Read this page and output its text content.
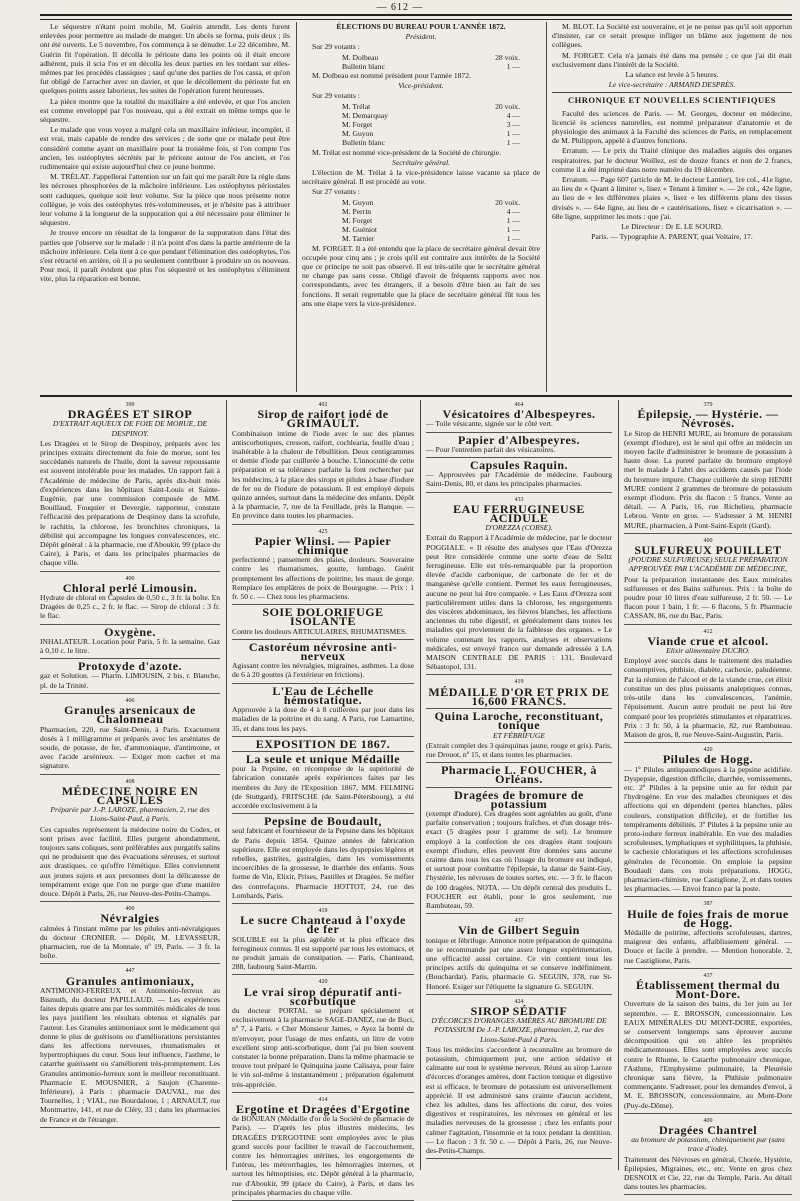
— 612 —

Le séquestre n'étant point mobile, M. Guérin attendit. Les dents furent enlevées pour permettre au malade de manger. Un abcès se forma, puis deux ; ils ont été ouverts. Le 5 novembre, l'os commença à se dénuder. Le 22 décembre, M. Guérin fit l'opération. Il décolla le périoste dans les points où il était encore adhérent, puis il scia l'os et en décolla les deux parties en les tordant sur elles-mêmes par les procédés classiques ; sauf qu'une des parties de l'os cassa, et qu'on fut obligé de l'arracher avec un davier, et que le décollement du périoste fut en quelques points assez laborieux, les suites de l'opération furent heureuses.

La pièce montre que la totalité du maxillaire a été enlevée, et que l'os ancien est comme enveloppé par l'os nouveau, qui a été extrait en même temps que le séquestre.

Le malade que vous voyez a malgré cela un maxillaire inférieur, incomplet, il est vrai, mais capable de rendre des services ; de sorte que ce malade peut être considéré comme ayant un maxillaire pour la troisième fois, si l'on compte l'os ancien, les ostéophytes sécrétés par le périoste autour de l'os ancien, et l'os rudimentaire qui existe aujourd'hui chez ce jeune homme.

M. TRÉLAT. J'appellerai l'attention sur un fait qui me paraît être la règle dans les nécroses phosphorées de la mâchoire inférieure. Les ostéophytes périostales sont caduques, quelque soit leur volume. Sur la pièce que nous présente notre collègue, je vois des ostéophytes très-volumineuses, et je n'hésite pas à attribuer leur volume à la longueur de la suppuration qui a été nécessaire pour éliminer le séquestre.

Je trouve encore un résultat de la longueur de la suppuration dans l'état des parties que j'observe sur le malade : il n'a point d'os dans la partie antérieure de la mâchoire inférieure. Cela tient à ce que pendant l'élimination des ostéophytes, l'os s'est rétracté en arrière, où il a pu seulement contribuer à produire un os nouveau. Pour moi, il paraît évident que plus l'os séquestré et les ostéophytes s'éliminent vite, plus la réparation est bonne.

ÉLECTIONS DU BUREAU POUR L'ANNÉE 1872.

Président.

Sur 29 votants :

M. Dolbeau	28 voix.
Bulletin blanc	1 —

M. Dolbeau est nommé président pour l'année 1872.

Vice-président.

Sur 29 votants :

M. Trélat	20 voix.
M. Demarquay	4 —
M. Forget	3 —
M. Guyon	1 —
Bulletin blanc	1 —

M. Trélat est nommé vice-président de la Société de chirurgie.

Secrétaire général.

L'élection de M. Trélat à la vice-présidence laisse vacante sa place de secrétaire général. Il est procédé au vote.

Sur 27 votants :

M. Guyon	20 voix.
M. Perrin	4 —
M. Forget	1 —
M. Guéniot	1 —
M. Tarnier	1 —

M. FORGET. Il a été entendu que la place de secrétaire général devait être occupée pour cinq ans ; je crois qu'il est contraire aux intérêts de la Société que ce principe ne soit pas observé. Il est très-utile que le secrétaire général ne change pas sans cesse. Obligé d'avoir de fréquents rapports avec nos correspondants, avec les étrangers, il a besoin d'être bien au fait de ses fonctions. Il serait regrettable que la place de secrétaire général fût tous les ans une étape vers la vice-présidence.

M. BLOT. La Société est souveraine, et je ne pense pas qu'il soit opportun d'insister, car ce serait presque infliger un blâme aux jugement de nos collègues.

M. FORGET. Cela n'a jamais été dans ma pensée ; ce que j'ai dit était exclusivement dans l'intérêt de la Société.

La séance est levée à 5 heures.

Le vice-secrétaire : ARMAND DESPRÈS.

CHRONIQUE ET NOUVELLES SCIENTIFIQUES

Faculté des sciences de Paris. — M. Georges, docteur en médecine, licencié ès sciences naturelles, est nommé préparateur d'anatomie et de physiologie des animaux à la Faculté des sciences de Paris, en remplacement de M. Philippon, appelé à d'autres fonctions.

Erratum. — Le prix du Traité clinique des maladies aiguës des organes respiratoires, par le docteur Woillez, est de douze francs et non de 2 francs, comme il a été imprimé dans notre numéro du 19 décembre.

Erratum. — Page 607 (article de M. le docteur Lantier), 1re col., 41e ligne, au lieu de « Quant à limiter », lisez « Tenant à limiter ». — 2e col., 42e ligne, au lieu de « les différentes plaies », lisez « les différents plans des tissus divisés ». — 64e ligne, au lieu de « cautérisations, lisez « cicatrisation ». — 68e ligne, supprimer les mots : que j'ai.

Le Directeur : Dr E. LE SOURD.

Paris. — Typographie A. PARENT, quai Voltaire, 17.

399
DRAGÉES ET SIROP

D'EXTRAIT AQUEUX DE FOIE DE MORUE, DE DESPINOY.

Les Dragées et le Sirop de Despinoy, préparés avec les principes extraits directement du foie de morue, sont les succédanés naturels de l'huile, dont la saveur repoussante est souvent intolérable pour les malades. Un rapport fait à l'Académie de médecine de Paris, après dix-huit mois d'expériences dans les hôpitaux Saint-Louis et Sainte-Eugénie, par une commission composée de MM. Bouillaud, Fouquier et Devergie, rapporteur, constate l'efficacité des préparations de Despinoy dans la scrofule, le rachitis, la chlorose, les bronchites chroniques, la débilité qui accompagne les longues convalescences, etc. Dépôt général : à la pharmacie, rue d'Aboukir, 99 (place du Caire), à Paris, et dans les principales pharmacies de chaque ville.

400
Chloral perlé Limousin.

Hydrate de chloral en Capsules de 0,50 c., 3 fr. la boîte. En Dragées de 0,25 c., 2 fr. le flac. — Sirop de chloral : 3 fr. le flac.

Oxygène.

INHALATEUR. Location pour Paris, 5 fr. la semaine. Gaz à 0,10 c. le litre.

Protoxyde d'azote.

gaz et Solution. — Pharm. LIMOUSIN, 2 bis, r. Blanche, pl. de la Trinité.

406
Granules arsenicaux de Chalonneau

Pharmacien, 220, rue Saint-Denis, à Paris. Exactement dosés à 1 milligramme et préparés avec les arséniates de soude, de potasse, de fer, d'ammoniaque, d'antimoine, et avec l'acide arsénieux. — Exiger mon cachet et ma signature.

408
MÉDECINE NOIRE EN CAPSULES

Préparée par J.-P. LAROZE, pharmacien, 2, rue des Lions-Saint-Paul, à Paris.

Ces capsules représentent la médecine noire du Codex, et sont prises avec facilité. Elles purgent abondamment, toujours sans coliques, sont préférables aux purgatifs salins qui ne produisent que des évacuations séreuses, et surtout aux drastiques, ce qu'offre l'émétique. Elles conviennent aux jeunes sujets et aux personnes dont la délicatesse de tempérament exige que l'on ne purge que d'une manière douce. Dépôt à Paris, 26, rue Neuve-des-Petits-Champs.

400
Névralgies

calmées à l'instant même par les pilules anti-névralgiques du docteur CRONIER. — Dépôt, M. LEVASSEUR, pharmacien, rue de la Monnaie, nº 19, Paris. — 3 fr. la boîte.

447
Granules antimoniaux,

ANTIMONIO-FERREUX et Antimonio-ferreux au Bismuth, du docteur PAPILLAUD. — Les expériences faites depuis quatre ans par les sommités médicales de tous les pays justifient les résultats obtenus et signalés par l'auteur. Les Granules antimoniaux sont le médicament qui donne le plus de guérisons ou d'améliorations persistantes dans les affections nerveuses, rhumatismales et hypertrophiques du cœur. Sous leur influence, l'asthme, le catarrhe guérissent ou s'améliorent très-promptement. Les Granules antimonio-ferreux sont le meilleur reconstituant. Pharmacie E. MOUSNIER, à Saujon (Charente-Inférieure), à Paris : pharmacie DAUVAL, rue des Tournelles, 1 ; VIAL, rue Bourdaloue, 1 ; ARNAULT, rue Montmartre, 141, et rue de Cléry, 33 ; dans les pharmacies de France et de l'étranger.

402
Sirop de raifort iodé de GRIMAULT.

Combinaison intime de l'iode avec le suc des plantes antiscorbutiques, cresson, raifort, cochlearia, feuille d'eau ; inaltérable à la chaleur de l'ébullition. Deux centigrammes et demie d'iode par cuillerée à bouche. L'innocuité de cette préparation et sa tolérance parfaite la font rechercher par les médecins, à la place des sirops et pilules à base d'iodure de fer ou de l'iodure de potassium. Il est employé depuis quinze années, surtout dans la médecine des enfants. Dépôt à la pharmacie, 7, rue de la Feuillade, près la Banque. — En province dans toutes les pharmacies.

425
Papier Wlinsi. — Papier chimique

perfectionné ; pansement des plaies, douleurs. Souveraine contre les rhumatismes, goutte, lumbago. Guérit promptement les affections de poitrine, les maux de gorge. Remplace les emplâtres de poix de Bourgogne. — Prix : 1 fr. 50 c. — Chez tous les pharmaciens.

SOIE DOLORIFUGE ISOLANTE

Contre les douleurs ARTICULAIRES, RHUMATISMES.

Castoréum névrosine anti-nerveux

Agissant contre les névralgies, migraines, asthmes. La dose de 6 à 20 gouttes (à l'extérieur en frictions).

L'Eau de Léchelle hémostatique.

Approuvée à la dose de 4 à 8 cuillerées par jour dans les maladies de la poitrine et du sang. A Paris, rue Lamartine, 35, et dans tous les pays.

EXPOSITION DE 1867.
La seule et unique Médaille

pour la Pepsine, en récompense de la supériorité de fabrication constatée après expériences faites par les membres du Jury de l'Exposition 1867, MM. FELMING (de Stuttgard), FRITSCHE (de Saint-Pétersbourg), a été accordée exclusivement à la

Pepsine de Boudault,

seul fabricant et fournisseur de la Pepsine dans les hôpitaux de Paris depuis 1854. Quinze années de fabrication supérieure. Elle est employée dans les dyspepsies légères et rebelles, gastrites, gastralgies, dans les vomissements incoercibles de la grossesse, le diarrhée des enfants. Sous forme de Vin, Elixir, Prises, Pastilles et Dragées. Se méfier des contrefaçons. Pharmacie HOTTOT, 24, rue des Lombards, Paris.

419
Le sucre Chanteaud à l'oxyde de fer

SOLUBLE est la plus agréable et la plus efficace des ferrugineux connus. Il est supporté par tous les estomacs, et ne produit jamais de constipation. — Paris, Chanteaud, 288, faubourg Saint-Martin.

420
Le vrai sirop dépuratif anti-scorbutique

du docteur PORTAL se prépare spécialement et exclusivement à la pharmacie SAGE-DANEZ, rue de Buci, nº 7, à Paris. « Cher Monsieur James, » Ayez la bonté de m'envoyer, pour l'usage de mes enfants, un litre de votre excellent sirop anti-scorbutique, dont j'ai pu bien souvent constater la bonne préparation. Dans la même pharmacie se trouve tout préparé le Quinquina jaune Calisaya, pour faire le vin sol-même à instantanément ; préparation également très-appréciée.

414
Ergotine et Dragées d'Ergotine

de BONJEAN (Médaille d'or de la Société de pharmacie de Paris). — D'après les plus illustres médecins, les DRAGÉES D'ERGOTINE sont employées avec le plus grand succès pour faciliter le travail de l'accouchement, contre les hémorragies utérines, les engorgements de l'utérus, les métrorrhagies, les hémorragies internes, et surtout les hémoptisies, etc. Dépôt général à la pharmacie, rue d'Aboukir, 99 (place du Caire), à Paris, et dans les principales pharmacies du chaque ville.

464
Vésicatoires d'Albespeyres.

— Toile vésicante, signée sur le côté vert.

Papier d'Albespeyres.

— Pour l'entretien parfait des vésicatoires.

Capsules Raquin.

— Approuvées par l'Académie de médecine. Faubourg Saint-Denis, 80, et dans les principales pharmacies.

433
EAU FERRUGINEUSE ACIDULE

D'OREZZA (CORSE).

Extrait du Rapport à l'Académie de médecine, par le docteur POGGIALE. « Il résulte des analyses que l'Eau d'Orezza peut être considérée comme une sorte d'eau de Seltz ferrugineuse. Elle est très-remarquable par la proportion élevée d'acide carbonique, de carbonate de fer et de manganèse qu'elle contient. Permet les eaux ferrugineuses, aucune ne peut lui être comparée. « Les Eaux d'Orezza sont particulièrement utiles dans la chlorose, les engorgements des viscères abdominaux, les fièvres blanches, les affections anciennes du tube digestif, et généralement dans toutes les maladies qui proviennent de la faiblesse des organes. » Le volume contenant les rapports, analyses et observations médicales, est envoyé franco sur demande adressée à LA MAISON CENTRALE DE PARIS : 131, Boulevard Sébastopol, 131.

419
MÉDAILLE D'OR ET PRIX DE 16,600 FRANCS.
Quina Laroche, reconstituant, tonique

ET FÉBRIFUGE

(Extrait complet des 3 quinquinas jaune, rouge et gris). Paris, rue Drouot, nº 15, et dans toutes les pharmacies.

Pharmacie L. FOUCHER, à Orléans.
Dragées de bromure de potassium

(exempt d'iodure). Ces dragées sont agréables au goût, d'une parfaite conservation ; toujours fraîches, et d'un dosage très-exact (5 dragées pour 1 gramme de sel). Le bromure employé à la confection de ces dragées étant toujours exempt d'iodure, elles peuvent être données sans aucune crainte dans tous les cas où l'usage du bromure est indiqué, et surtout pour combattre l'épilepsie, la danse de Saint-Guy, l'hystérie, les névroses de toutes sortes, etc. — 3 fr. le flacon de 100 dragées. NOTA. — Un dépôt central des produits L. FOUCHER est établi, pour le gros seulement, rue Rambuteau, 59.

437
Vin de Gilbert Seguin

tonique et fébrifuge. Annonce notre préparation de quinquina ne se recommande par une assez longue expérimentation, une efficacité aussi certaine. Ce vin contient tous les principes actifs du quinquina et se conserve indéfiniment. (Bouchardat). Paris, pharmacie G. SEGUIN, 378, rue St-Honoré. Exiger sur l'étiquette la signature G. SEGUIN.

424
SIROP SÉDATIF

D'ÉCORCES D'ORANGES AMÈRES AU BROMURE DE POTASSIUM De J.-P. LAROZE, pharmacien, 2, rue des Lions-Saint-Paul à Paris.

Tous les médecins s'accordent à reconnaître au bromure de potassium, chimiquement pur, une action sédative et calmante sur tout le système nerveux. Réuni au sirop Laroze d'écorces d'oranges amères, dont l'action tonique et digestive est si efficace, le bromure de potassium est universellement apprécié. Il est administré sans crainte d'aucun accident, chez les adultes, dans les affections du cœur, des voies digestives et respiratoires, les névroses en général et les maladies nerveuses de la grossesse ; chez les enfants pour calmer l'agitation, l'insomnie et la toux pendant la dentition. — Le flacon : 3 fr. 50 c. — Dépôt à Paris, 26, rue Neuve-des-Petits-Champs.

379
Épilepsie. — Hystérie. — Névroses.

Le Sirop de HENRI MURE, au bromure de potassium (exempt d'iodure), est le seul qui offre au médecin un moyen facile d'administrer le bromure de potassium à haute dose. La pureté parfaite du bromure employé met le malade à l'abri des accidents causés par l'iode du bromure impure. Chaque cuillerée de sirop HENRI MURE contient 2 grammes de bromure de potassium exempt d'iodure. Prix du flacon : 5 francs. Vente au détail. — A Paris, 16, rue Richelieu, pharmacie Lebrou. Vente en gros. — S'adresser à M. HENRI MURE, pharmacien, à Pont-Saint-Esprit (Gard).

400
SULFUREUX POUILLET

(POUDRE SULFUREUSE) SEULE PRÉPARATION APPROUVÉE PAR L'ACADÉMIE DE MÉDECINE,

Pour la préparation instantanée des Eaux minérales sulfureuses et des Bains sulfureux. Prix : la boîte de poudre pour 10 litres d'eau sulfureuse, 2 fr. 50. — Le flacon pour 1 bain, 1 fr. — 6 flacons, 5 fr. Pharmacie CASSAN, 86, rue du Bac, Paris.

412
Viande crue et alcool.

Elixir alimentaire DUCRO.

Employé avec succès dans le traitement des maladies consomptives, phthisie, diabète, cachexie, paludéenne. Par la réunion de l'alcool et de la viande crue, cet élixir constitue un des plus puissants analeptiques connus, très-utile dans les convalescences, l'anémie, l'épuisement. Aucun autre produit ne peut lui être comparé pour les propriétés stimulantes et réparatrices. Prix : 3 fr. 50, à la pharmacie, 82, rue Rambuteau. Maison de gros, 8, rue Neuve-Saint-Augustin, Paris.

420
Pilules de Hogg.

— 1º Pilules antispasmodiques à la pepsine acidifiée. Dyspepsie, digestion difficile, diarrhée, vomissements, etc. 2º Pilules à la pepsine unie au fer réduit par l'hydrogène. En vue des maladies chroniques et des affections qui en dépendent (pertes blanches, pâles couleurs, constipation difficile), et de fortifier les tempéraments débilités. 3º Pilules à la pepsine unie au proto-iodure ferreux inaltérable. En vue des maladies scrofuleuses, lymphatiques et syphilitiques, la phthisie, le cachexie chloratiques et les affections scrofuleuses générales de l'économie. On emploie la pepsine Boudault dans ces trois préparations. HOGG, pharmacien-chimiste, rue Castiglione, 2, et dans toutes les pharmacies. — Envoi franco par la poste.

387
Huile de foies frais de morue de Hogg.

Médaille de poitrine, affections scrofuleuses, dartres, maigreur des enfants, affaiblissement général. — Douce et facile à prendre. — Mention honorable. 2, rue Castiglione, Paris.

437
Établissement thermal du Mont-Dore.

Ouverture de la saison des bains, du 1er juin au 1er septembre. — E. BROSSON, concessionnaire. Les EAUX MINÉRALES DU MONT-DORE, exportées, se conservent longtemps sans éprouver aucune décomposition qui en altère les propriétés médicamenteuses. Elles sont employées avec succès contre le Rhume, le Catarrhe pulmonaire chronique, l'Asthme, l'Emphysème pulmonaire, la Pleurésie chronique sans fièvre, la Phthisie pulmonaire commençante. S'adresser, pour les demandes d'envoi, à M. E. BROSSON, concessionnaire, au Mont-Dore (Puy-de-Dôme).

400
Dragées Chantrel

au bromure de potassium, chimiquement pur (sans trace d'iode).

Traitement des Névroses en général, Chorée, Hystérie, Épilepsies, Migraines, etc., etc. Vente en gros chez DESNOIX et Cie, 22, rue du Temple, Paris. Au détail dans toutes les pharmacies.
